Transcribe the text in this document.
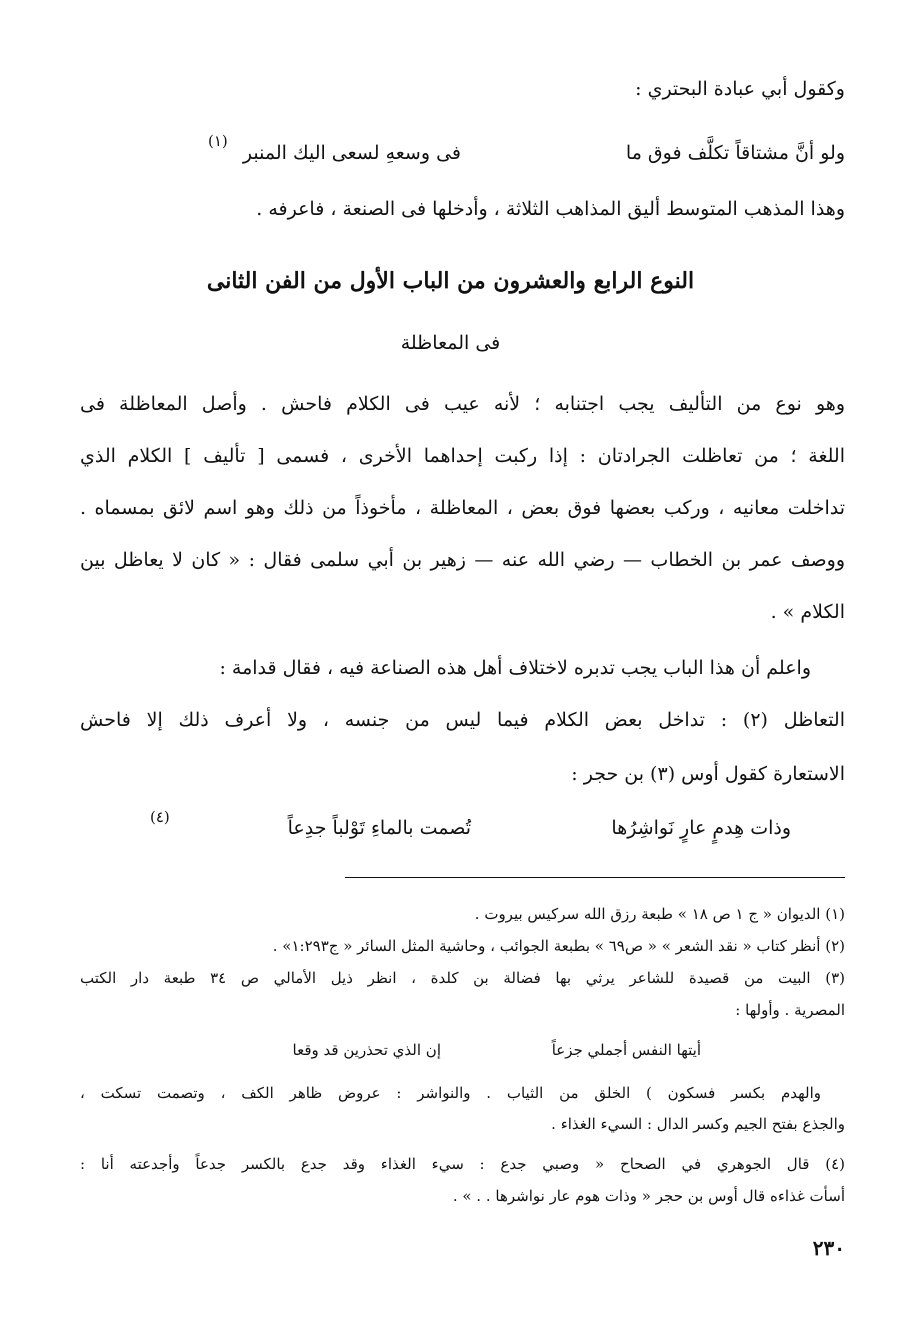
وكقول أبي عبادة البحتري :
ولو أنَّ مشتاقاً تكلَّف فوق ما
فى وسعهِ لسعى اليك المنبر
(١)
وهذا المذهب المتوسط أليق المذاهب الثلاثة ، وأدخلها فى الصنعة ، فاعرفه .
النوع الرابع والعشرون من الباب الأول من الفن الثانى
فى المعاظلة
وهو نوع من التأليف يجب اجتنابه ؛ لأنه عيب فى الكلام فاحش . وأصل المعاظلة فى
اللغة ؛ من تعاظلت الجرادتان : إذا ركبت إحداهما الأخرى ، فسمى [ تأليف ] الكلام الذي
تداخلت معانيه ، وركب بعضها فوق بعض ، المعاظلة ، مأخوذاً من ذلك وهو اسم لائق بمسماه .
ووصف عمر بن الخطاب — رضي الله عنه — زهير بن أبي سلمى فقال : « كان لا يعاظل بين
الكلام » .
واعلم أن هذا الباب يجب تدبره لاختلاف أهل هذه الصناعة فيه ، فقال قدامة :
التعاظل (٢) : تداخل بعض الكلام فيما ليس من جنسه ، ولا أعرف ذلك إلا فاحش
الاستعارة كقول أوس (٣) بن حجر :
وذات هِدمٍ عارٍ نَواشِرُها
تُصمت بالماءِ تَوْلباً جدِعاً
(٤)
(١) الديوان « ج ١ ص ١٨ » طبعة رزق الله سركيس بيروت .
(٢) أنظر كتاب « نقد الشعر » « ص٦٩ » بطبعة الجوائب ، وحاشية المثل السائر « ج١:٢٩٣» .
(٣) البيت من قصيدة للشاعر يرثي بها فضالة بن كلدة ، انظر ذيل الأمالي ص ٣٤ طبعة دار الكتب
المصرية . وأولها :
أيتها النفس أجملي جزعاً
إن الذي تحذرين قد وقعا
والهدم بكسر فسكون ) الخلق من الثياب . والنواشر : عروض ظاهر الكف ، وتصمت تسكت ،
والجذع بفتح الجيم وكسر الدال : السيء الغذاء .
(٤) قال الجوهري في الصحاح « وصبي جدع : سيء الغذاء وقد جدع بالكسر جدعاً وأجدعته أنا :
أسأت غذاءه قال أوس بن حجر « وذات هوم عار نواشرها . . » .
٢٣٠
